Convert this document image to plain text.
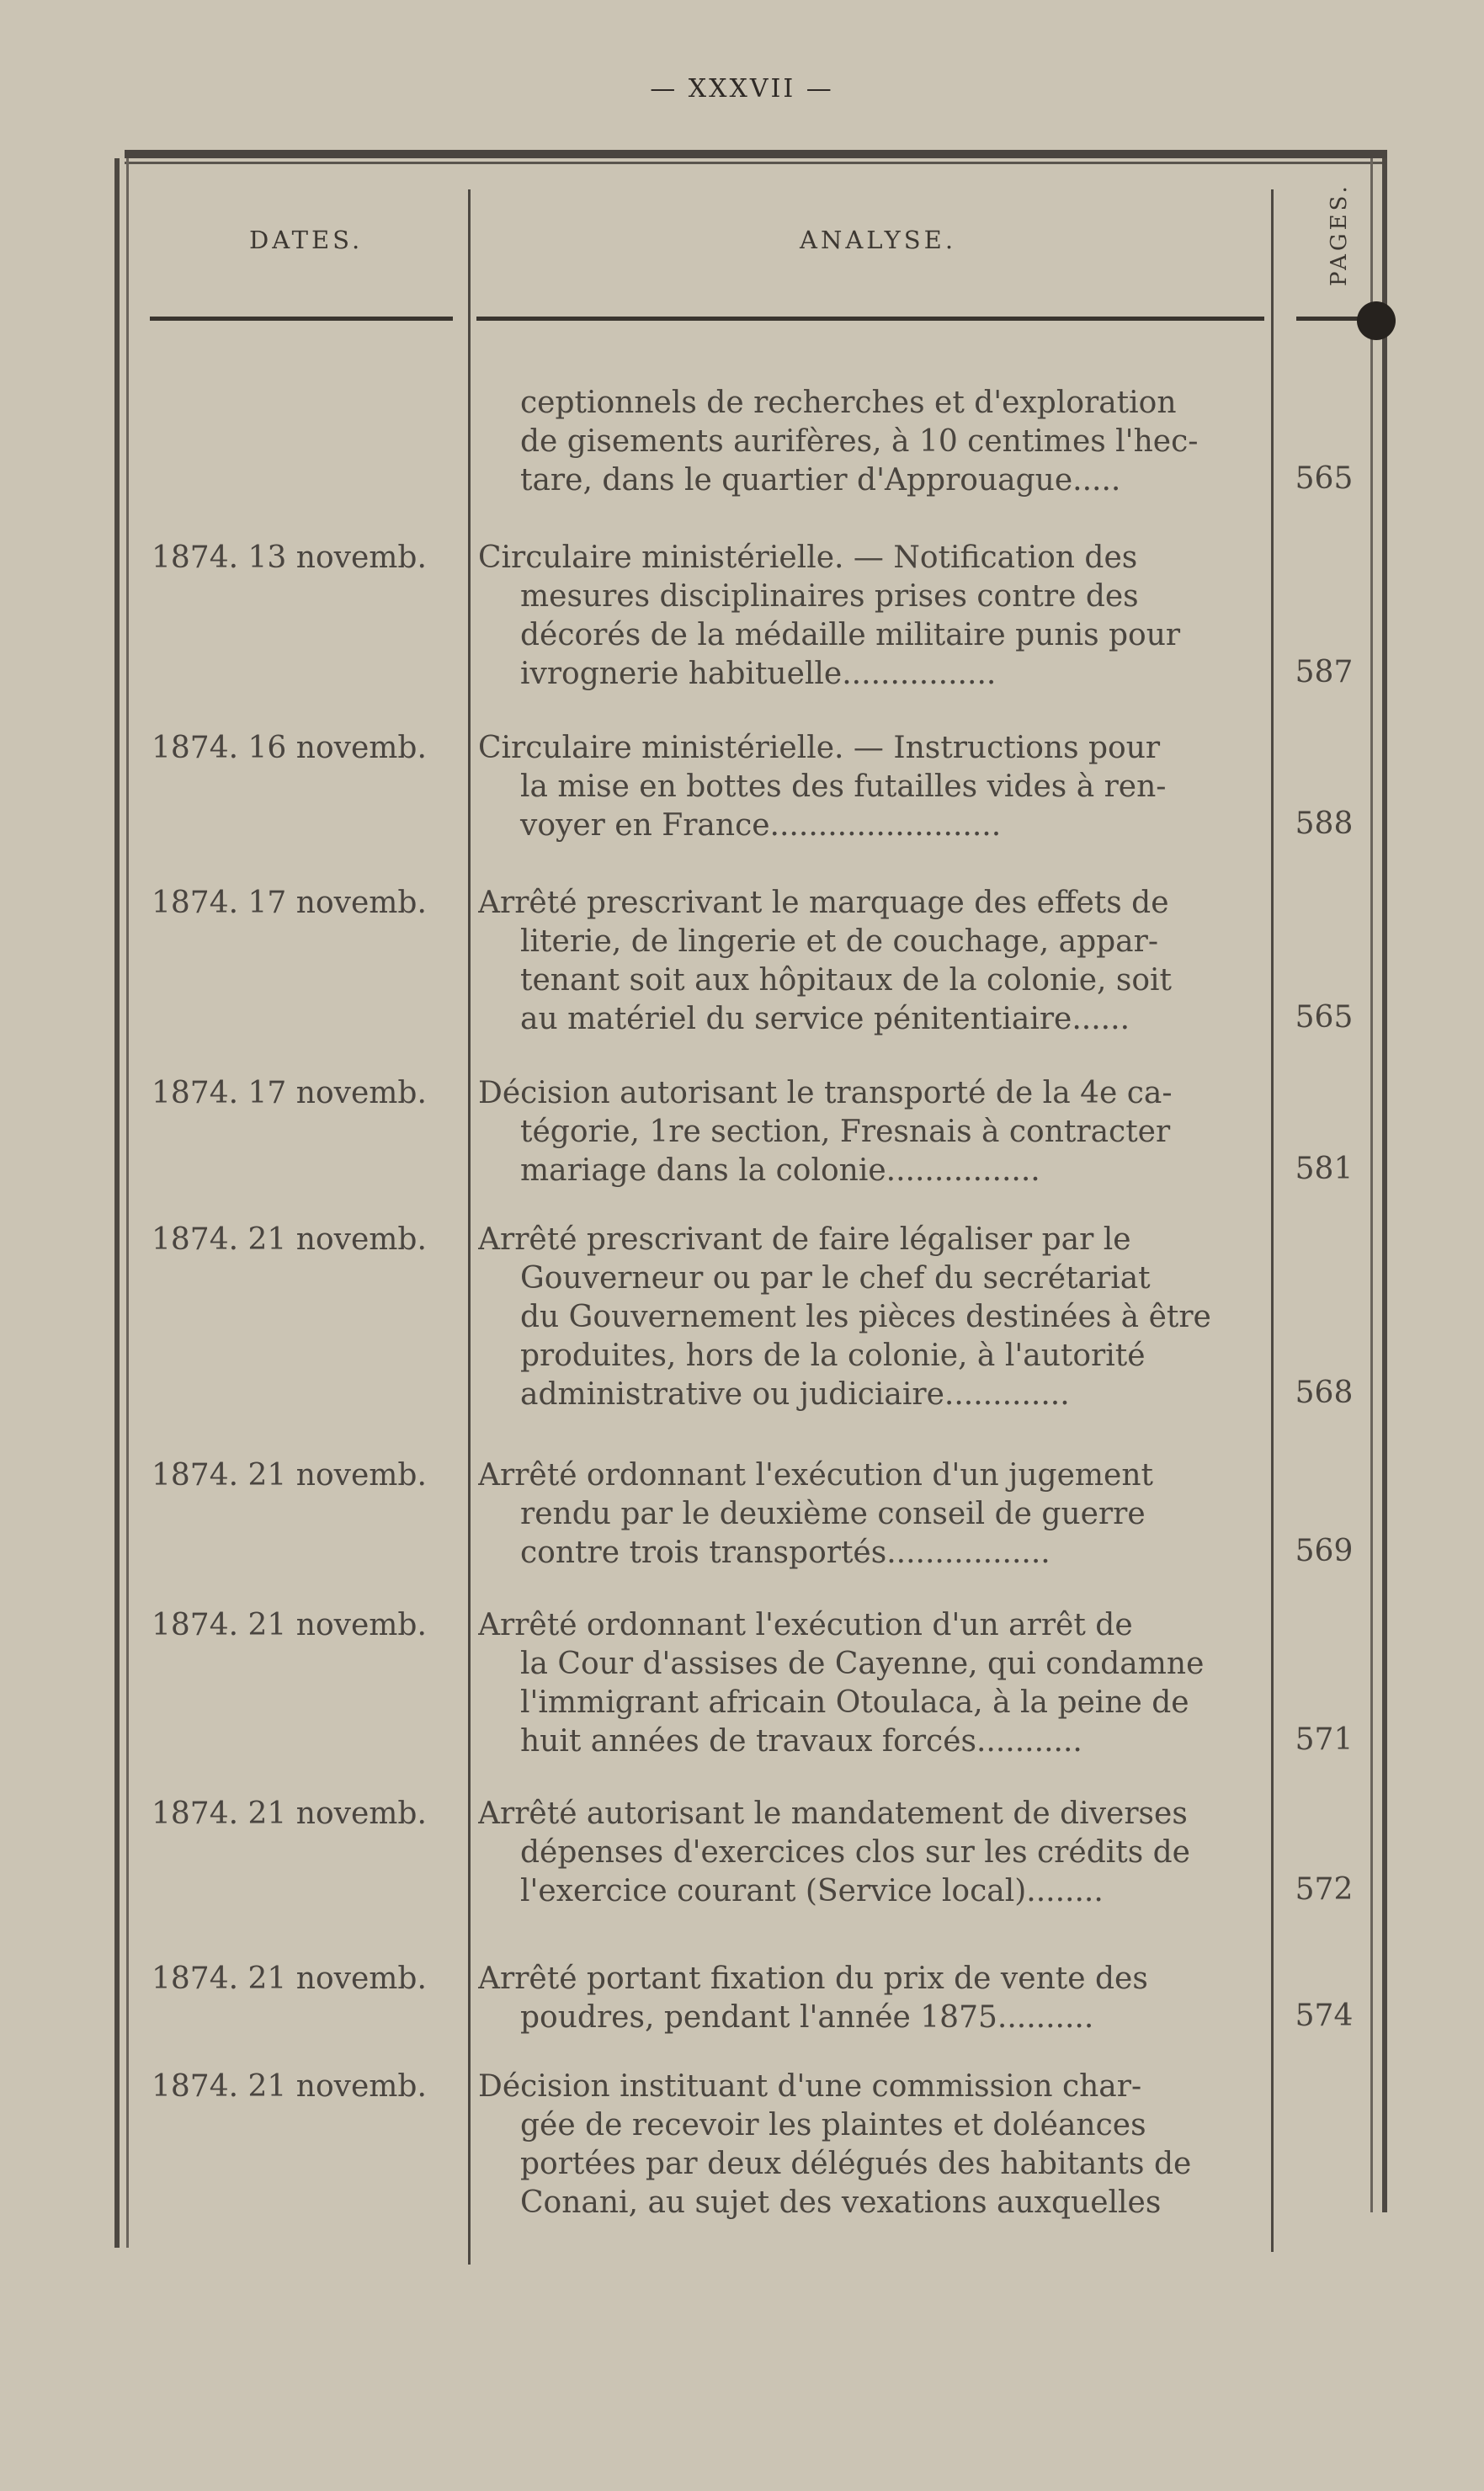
— XXXVII —
DATES.	ANALYSE.	PAGES.
ceptionnels de recherches et d'exploration
de gisements aurifères, à 10 centimes l'hec-
tare, dans le quartier d'Approuague.....	565
1874. 13 novemb.	Circulaire ministérielle. — Notification des
mesures disciplinaires prises contre des
décorés de la médaille militaire punis pour
ivrognerie habituelle................	587
1874. 16 novemb.	Circulaire ministérielle. — Instructions pour
la mise en bottes des futailles vides à ren-
voyer en France........................	588
1874. 17 novemb.	Arrêté prescrivant le marquage des effets de
literie, de lingerie et de couchage, appar-
tenant soit aux hôpitaux de la colonie, soit
au matériel du service pénitentiaire......	565
1874. 17 novemb.	Décision autorisant le transporté de la 4e ca-
tégorie, 1re section, Fresnais à contracter
mariage dans la colonie................	581
1874. 21 novemb.	Arrêté prescrivant de faire légaliser par le
Gouverneur ou par le chef du secrétariat
du Gouvernement les pièces destinées à être
produites, hors de la colonie, à l'autorité
administrative ou judiciaire.............	568
1874. 21 novemb.	Arrêté ordonnant l'exécution d'un jugement
rendu par le deuxième conseil de guerre
contre trois transportés.................	569
1874. 21 novemb.	Arrêté ordonnant l'exécution d'un arrêt de
la Cour d'assises de Cayenne, qui condamne
l'immigrant africain Otoulaca, à la peine de
huit années de travaux forcés...........	571
1874. 21 novemb.	Arrêté autorisant le mandatement de diverses
dépenses d'exercices clos sur les crédits de
l'exercice courant (Service local)........	572
1874. 21 novemb.	Arrêté portant fixation du prix de vente des
poudres, pendant l'année 1875..........	574
1874. 21 novemb.	Décision instituant d'une commission char-
gée de recevoir les plaintes et doléances
portées par deux délégués des habitants de
Conani, au sujet des vexations auxquelles
